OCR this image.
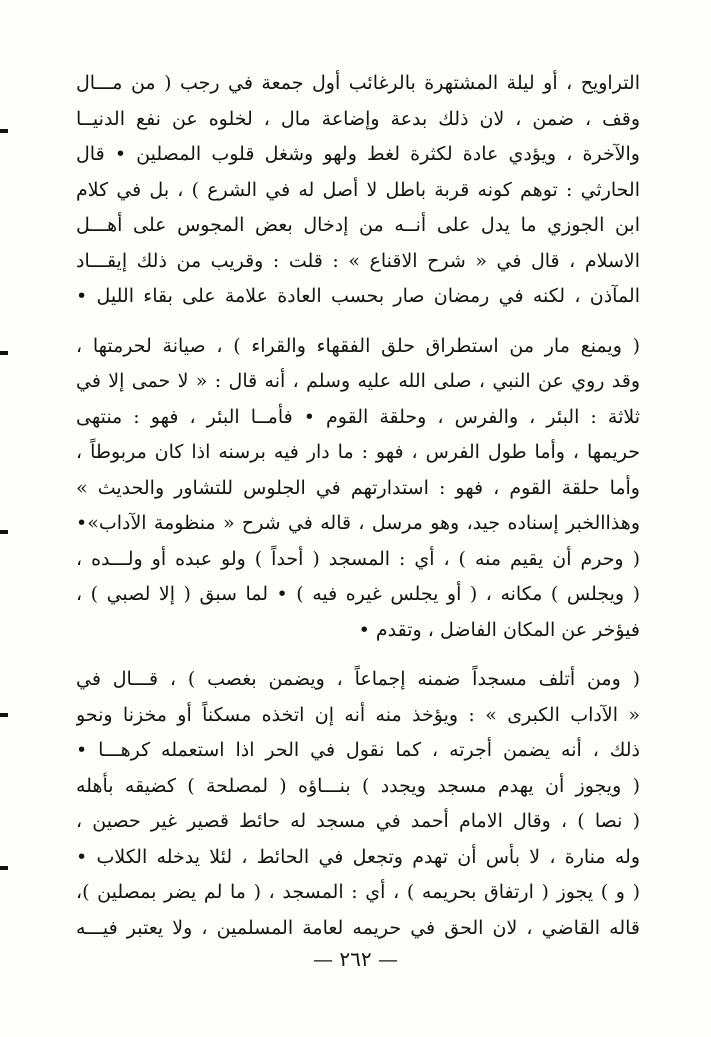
التراويح ، أو ليلة المشتهرة بالرغائب أول جمعة في رجب ( من مـــال
وقف ، ضمن ، لان ذلك بدعة وإضاعة مال ، لخلوه عن نفع الدنيــا
والآخرة ، ويؤدي عادة لكثرة لغط ولهو وشغل قلوب المصلين • قال
الحارثي : توهم كونه قربة باطل لا أصل له في الشرع ) ، بل في كلام
ابن الجوزي ما يدل على أنــه من إدخال بعض المجوس على أهـــل
الاسلام ، قال في « شرح الاقناع » : قلت : وقريب من ذلك إيقـــاد
المآذن ، لكنه في رمضان صار بحسب العادة علامة على بقاء الليل •
( ويمنع مار من استطراق حلق الفقهاء والقراء ) ، صيانة لحرمتها ،
وقد روي عن النبي ، صلى الله عليه وسلم ، أنه قال : « لا حمى إلا في
ثلاثة : البئر ، والفرس ، وحلقة القوم • فأمــا البئر ، فهو : منتهى
حريمها ، وأما طول الفرس ، فهو : ما دار فيه برسنه اذا كان مربوطاً ،
وأما حلقة القوم ، فهو : استدارتهم في الجلوس للتشاور والحديث »
وهذاالخبر إسناده جيد، وهو مرسل ، قاله في شرح « منظومة الآداب»•
( وحرم أن يقيم منه ) ، أي : المسجد ( أحداً ) ولو عبده أو ولـــده ،
( ويجلس ) مكانه ، ( أو يجلس غيره فيه ) • لما سبق ( إلا لصبي ) ،
فيؤخر عن المكان الفاضل ، وتقدم •
( ومن أتلف مسجداً ضمنه إجماعاً ، ويضمن بغصب ) ، قـــال في
« الآداب الكبرى » : ويؤخذ منه أنه إن اتخذه مسكناً أو مخزنا ونحو
ذلك ، أنه يضمن أجرته ، كما نقول في الحر اذا استعمله كرهـــا •
( ويجوز أن يهدم مسجد ويجدد ) بنـــاؤه ( لمصلحة ) كضيقه بأهله
( نصا ) ، وقال الامام أحمد في مسجد له حائط قصير غير حصين ،
وله منارة ، لا بأس أن تهدم وتجعل في الحائط ، لئلا يدخله الكلاب •
( و ) يجوز ( ارتفاق بحريمه ) ، أي : المسجد ، ( ما لم يضر بمصلين )،
قاله القاضي ، لان الحق في حريمه لعامة المسلمين ، ولا يعتبر فيـــه
— ٢٦٢ —
